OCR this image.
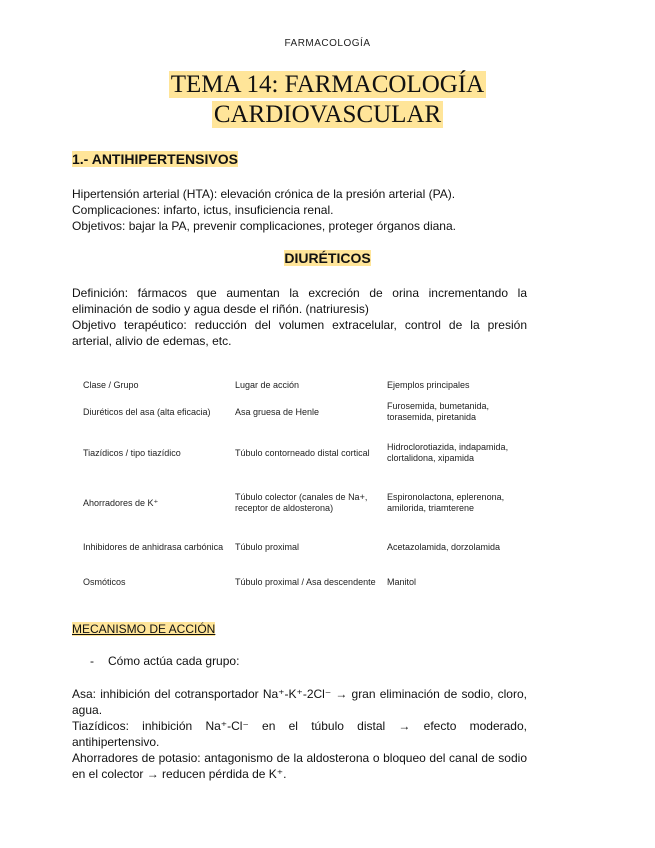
FARMACOLOGÍA
TEMA 14: FARMACOLOGÍA
CARDIOVASCULAR
1.- ANTIHIPERTENSIVOS
Hipertensión arterial (HTA): elevación crónica de la presión arterial (PA).
Complicaciones: infarto, ictus, insuficiencia renal.
Objetivos: bajar la PA, prevenir complicaciones, proteger órganos diana.
DIURÉTICOS
Definición: fármacos que aumentan la excreción de orina incrementando la eliminación de sodio y agua desde el riñón. (natriuresis)
Objetivo terapéutico: reducción del volumen extracelular, control de la presión arterial, alivio de edemas, etc.
Clase / Grupo	Lugar de acción	Ejemplos principales
Diuréticos del asa (alta eficacia)	Asa gruesa de Henle	Furosemida, bumetanida, torasemida, piretanida
Tiazídicos / tipo tiazídico	Túbulo contorneado distal cortical	Hidroclorotiazida, indapamida, clortalidona, xipamida
Ahorradores de K⁺	Túbulo colector (canales de Na+, receptor de aldosterona)	Espironolactona, eplerenona, amilorida, triamterene
Inhibidores de anhidrasa carbónica	Túbulo proximal	Acetazolamida, dorzolamida
Osmóticos	Túbulo proximal / Asa descendente	Manitol
MECANISMO DE ACCIÓN
- Cómo actúa cada grupo:
Asa: inhibición del cotransportador Na⁺-K⁺-2Cl⁻ → gran eliminación de sodio, cloro, agua.
Tiazídicos: inhibición Na⁺-Cl⁻ en el túbulo distal → efecto moderado, antihipertensivo.
Ahorradores de potasio: antagonismo de la aldosterona o bloqueo del canal de sodio en el colector → reducen pérdida de K⁺.
